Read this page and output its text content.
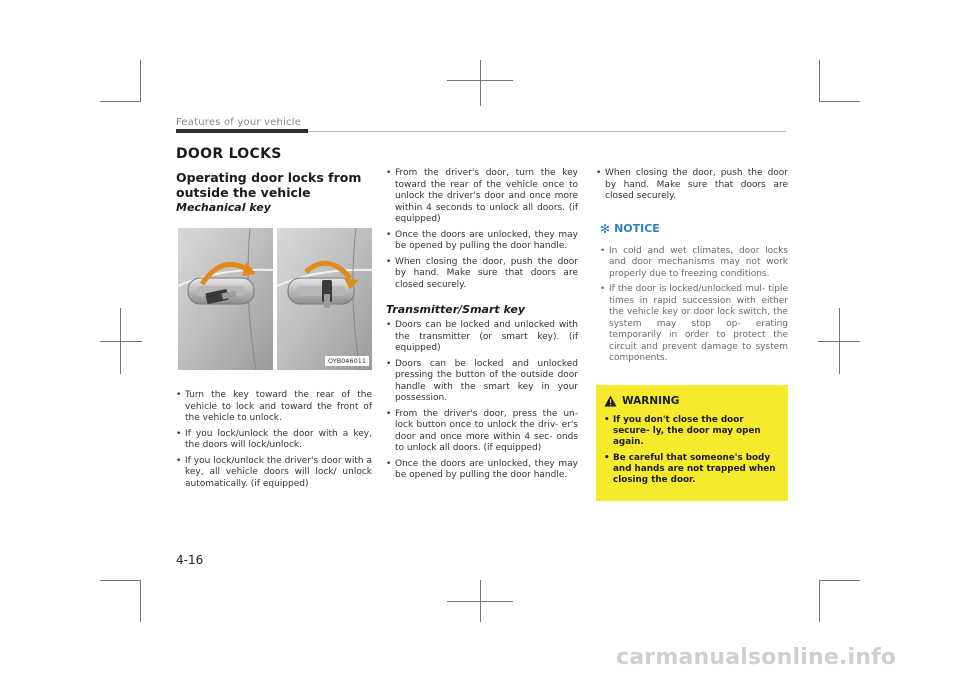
Features of your vehicle
DOOR LOCKS
Operating door locks from outside the vehicle
Mechanical key
OYB046011
• Turn the key toward the rear of the vehicle to lock and toward the front of the vehicle to unlock.
• If you lock/unlock the door with a key, the doors will lock/unlock.
• If you lock/unlock the driver's door with a key, all vehicle doors will lock/ unlock automatically. (if equipped)
• From the driver's door, turn the key toward the rear of the vehicle once to unlock the driver's door and once more within 4 seconds to unlock all doors. (if equipped)
• Once the doors are unlocked, they may be opened by pulling the door handle.
• When closing the door, push the door by hand. Make sure that doors are closed securely.
Transmitter/Smart key
• Doors can be locked and unlocked with the transmitter (or smart key). (if equipped)
• Doors can be locked and unlocked pressing the button of the outside door handle with the smart key in your possession.
• From the driver's door, press the un- lock button once to unlock the driv- er's door and once more within 4 sec- onds to unlock all doors. (if equipped)
• Once the doors are unlocked, they may be opened by pulling the door handle.
• When closing the door, push the door by hand. Make sure that doors are closed securely.
✻ NOTICE
• In cold and wet climates, door locks and door mechanisms may not work properly due to freezing conditions.
• If the door is locked/unlocked mul- tiple times in rapid succession with either the vehicle key or door lock switch, the system may stop op- erating temporarily in order to protect the circuit and prevent damage to system components.
WARNING
• If you don't close the door secure- ly, the door may open again.
• Be careful that someone's body and hands are not trapped when closing the door.
4-16
carmanualsonline.info
